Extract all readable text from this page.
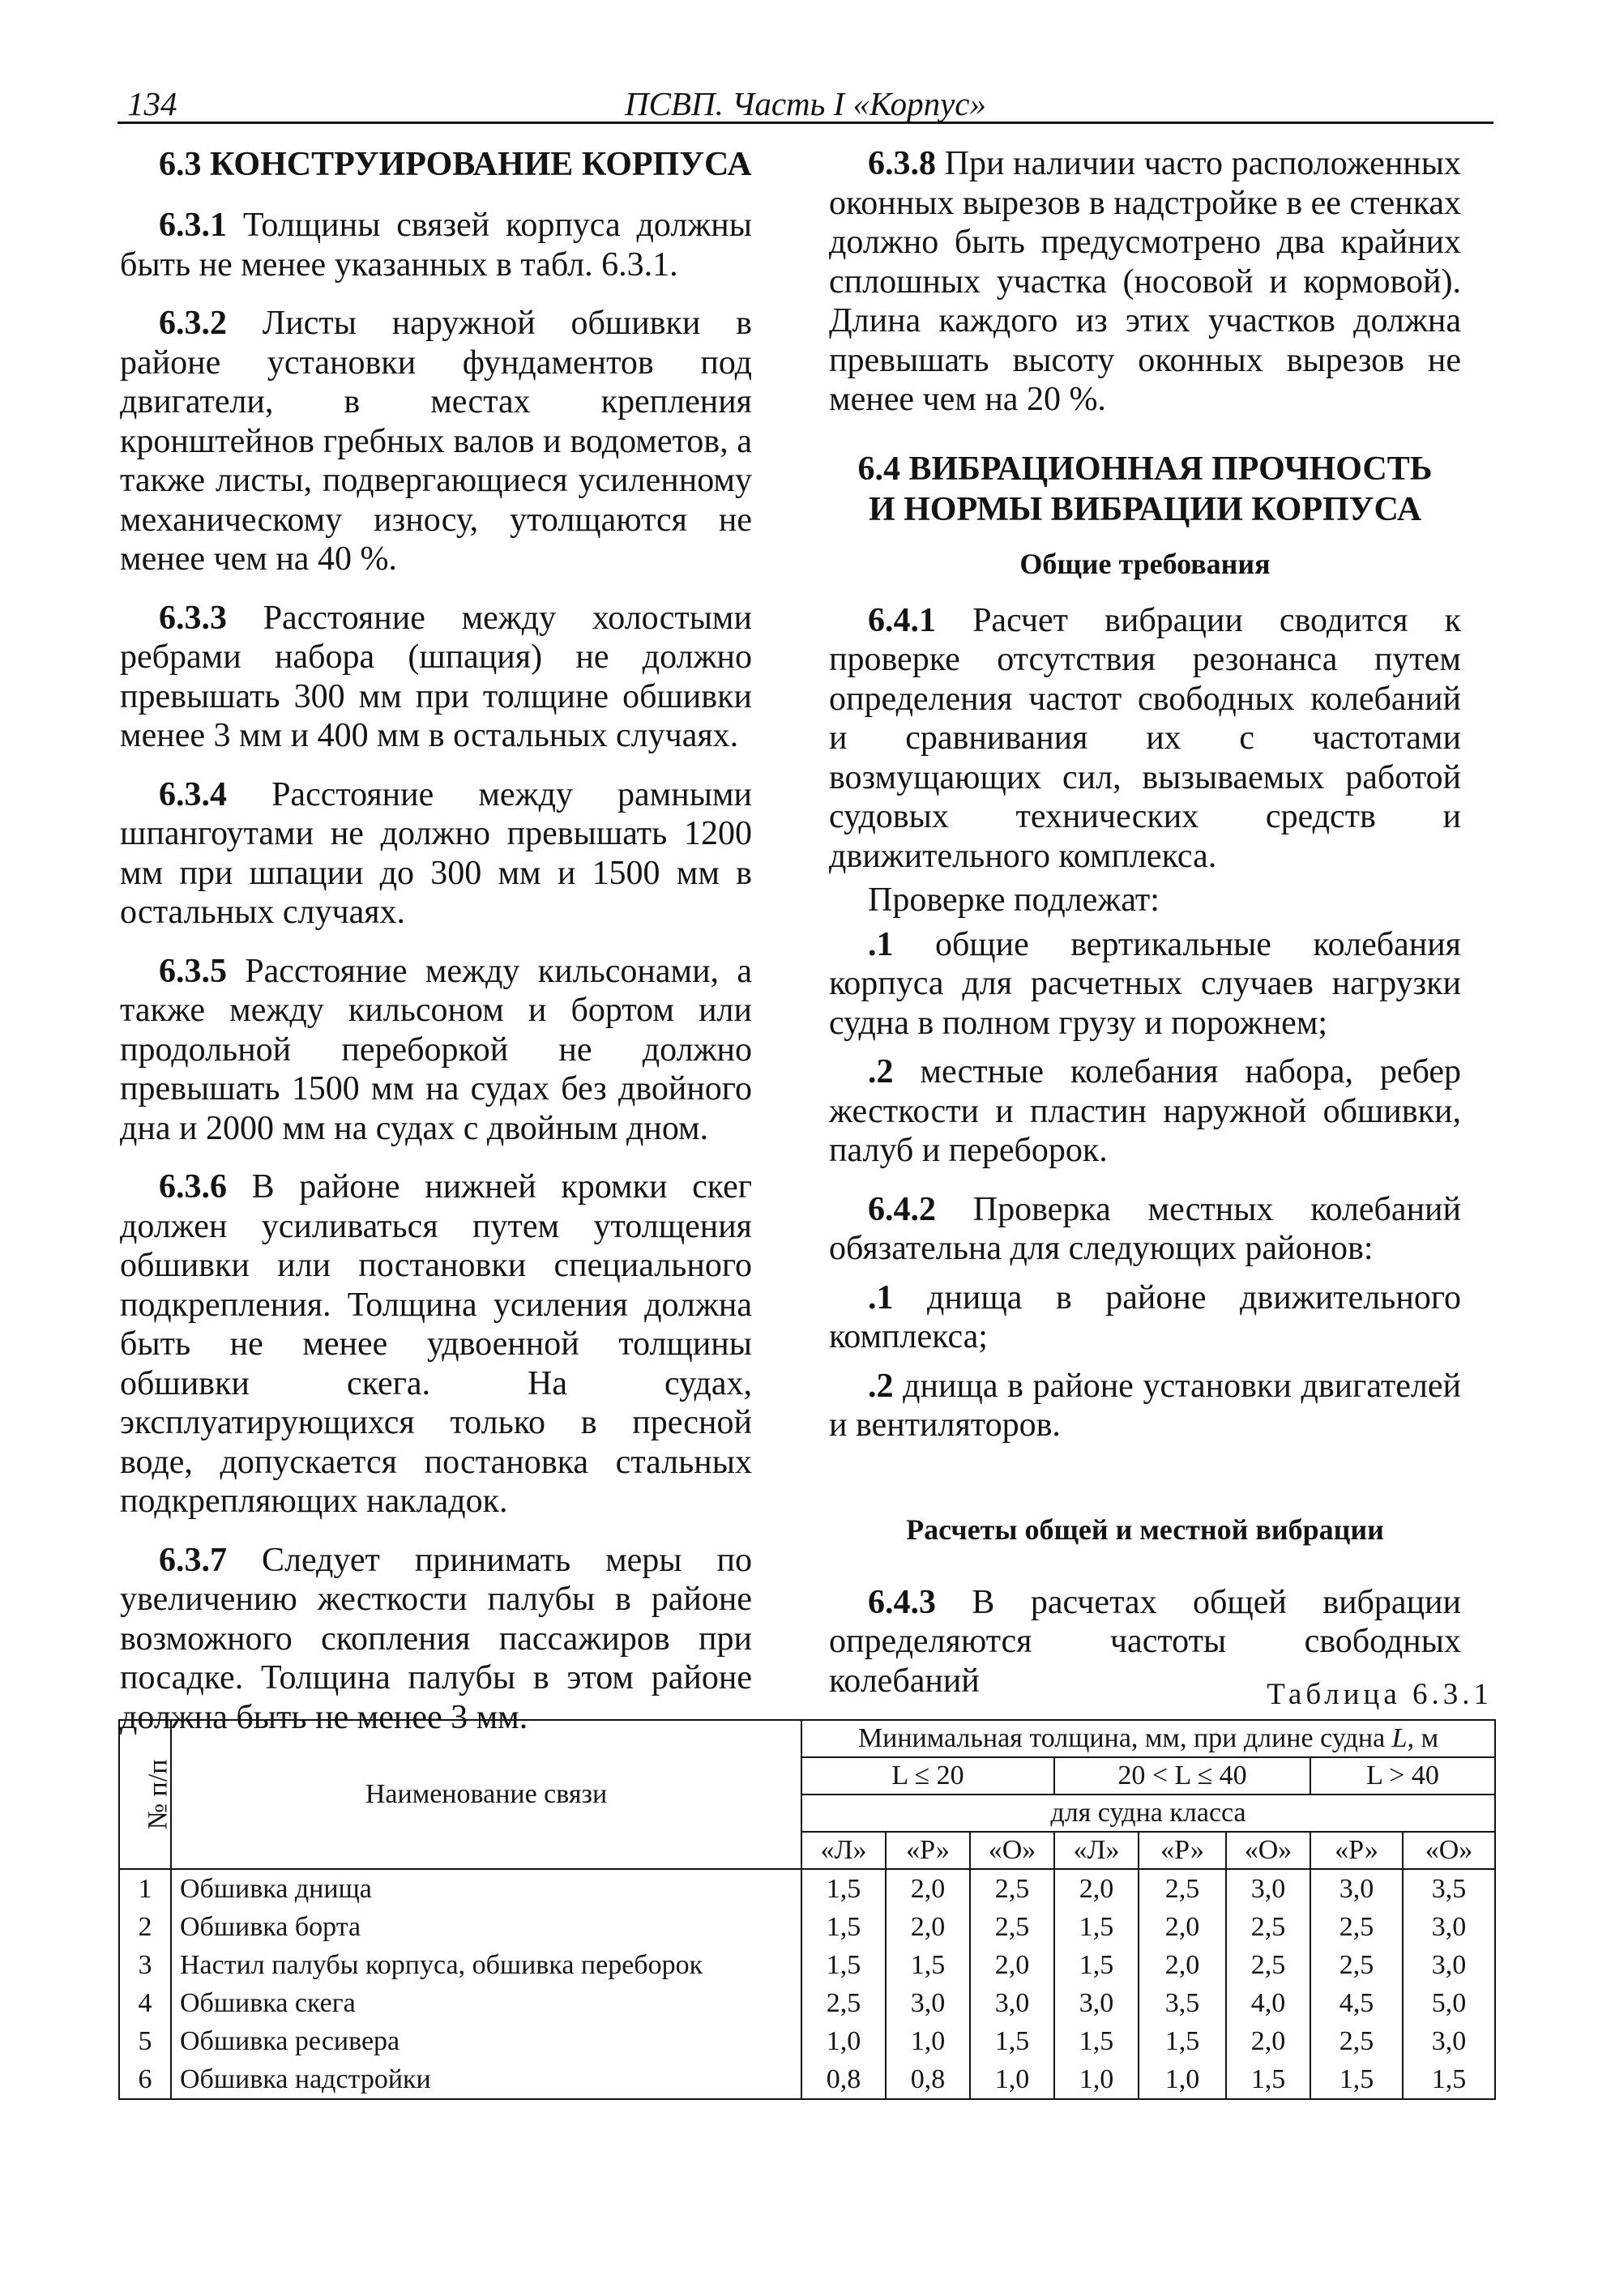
134	ПСВП. Часть I «Корпус»
6.3 КОНСТРУИРОВАНИЕ КОРПУСА

6.3.1 Толщины связей корпуса должны быть не менее указанных в табл. 6.3.1.

6.3.2 Листы наружной обшивки в районе установки фундаментов под двигатели, в местах крепления кронштейнов гребных валов и водометов, а также листы, подвергающиеся усиленному механическому износу, утолщаются не менее чем на 40 %.

6.3.3 Расстояние между холостыми ребрами набора (шпация) не должно превышать 300 мм при толщине обшивки менее 3 мм и 400 мм в остальных случаях.

6.3.4 Расстояние между рамными шпангоутами не должно превышать 1200 мм при шпации до 300 мм и 1500 мм в остальных случаях.

6.3.5 Расстояние между кильсонами, а также между кильсоном и бортом или продольной переборкой не должно превышать 1500 мм на судах без двойного дна и 2000 мм на судах с двойным дном.

6.3.6 В районе нижней кромки скег должен усиливаться путем утолщения обшивки или постановки специального подкрепления. Толщина усиления должна быть не менее удвоенной толщины обшивки скега. На судах, эксплуатирующихся только в пресной воде, допускается постановка стальных подкрепляющих накладок.

6.3.7 Следует принимать меры по увеличению жесткости палубы в районе возможного скопления пассажиров при посадке. Толщина палубы в этом районе должна быть не менее 3 мм.

6.3.8 При наличии часто расположенных оконных вырезов в надстройке в ее стенках должно быть предусмотрено два крайних сплошных участка (носовой и кормовой). Длина каждого из этих участков должна превышать высоту оконных вырезов не менее чем на 20 %.

6.4 ВИБРАЦИОННАЯ ПРОЧНОСТЬ
И НОРМЫ ВИБРАЦИИ КОРПУСА
Общие требования

6.4.1 Расчет вибрации сводится к проверке отсутствия резонанса путем определения частот свободных колебаний и сравнивания их с частотами возмущающих сил, вызываемых работой судовых технических средств и движительного комплекса.

Проверке подлежат:

.1 общие вертикальные колебания корпуса для расчетных случаев нагрузки судна в полном грузу и порожнем;

.2 местные колебания набора, ребер жесткости и пластин наружной обшивки, палуб и переборок.

6.4.2 Проверка местных колебаний обязательна для следующих районов:

.1 днища в районе движительного комплекса;

.2 днища в районе установки двигателей и вентиляторов.

Расчеты общей и местной вибрации

6.4.3 В расчетах общей вибрации определяются частоты свободных колебаний	Таблица 6.3.1
№ п/п	Наименование связи	Минимальная толщина, мм, при длине судна L, м							
		L ≤ 20			20 < L ≤ 40			L > 40	
		для судна класса							
		«Л»	«Р»	«О»	«Л»	«Р»	«О»	«Р»	«О»
1	Обшивка днища	1,5	2,0	2,5	2,0	2,5	3,0	3,0	3,5
2	Обшивка борта	1,5	2,0	2,5	1,5	2,0	2,5	2,5	3,0
3	Настил палубы корпуса, обшивка переборок	1,5	1,5	2,0	1,5	2,0	2,5	2,5	3,0
4	Обшивка скега	2,5	3,0	3,0	3,0	3,5	4,0	4,5	5,0
5	Обшивка ресивера	1,0	1,0	1,5	1,5	1,5	2,0	2,5	3,0
6	Обшивка надстройки	0,8	0,8	1,0	1,0	1,0	1,5	1,5	1,5
